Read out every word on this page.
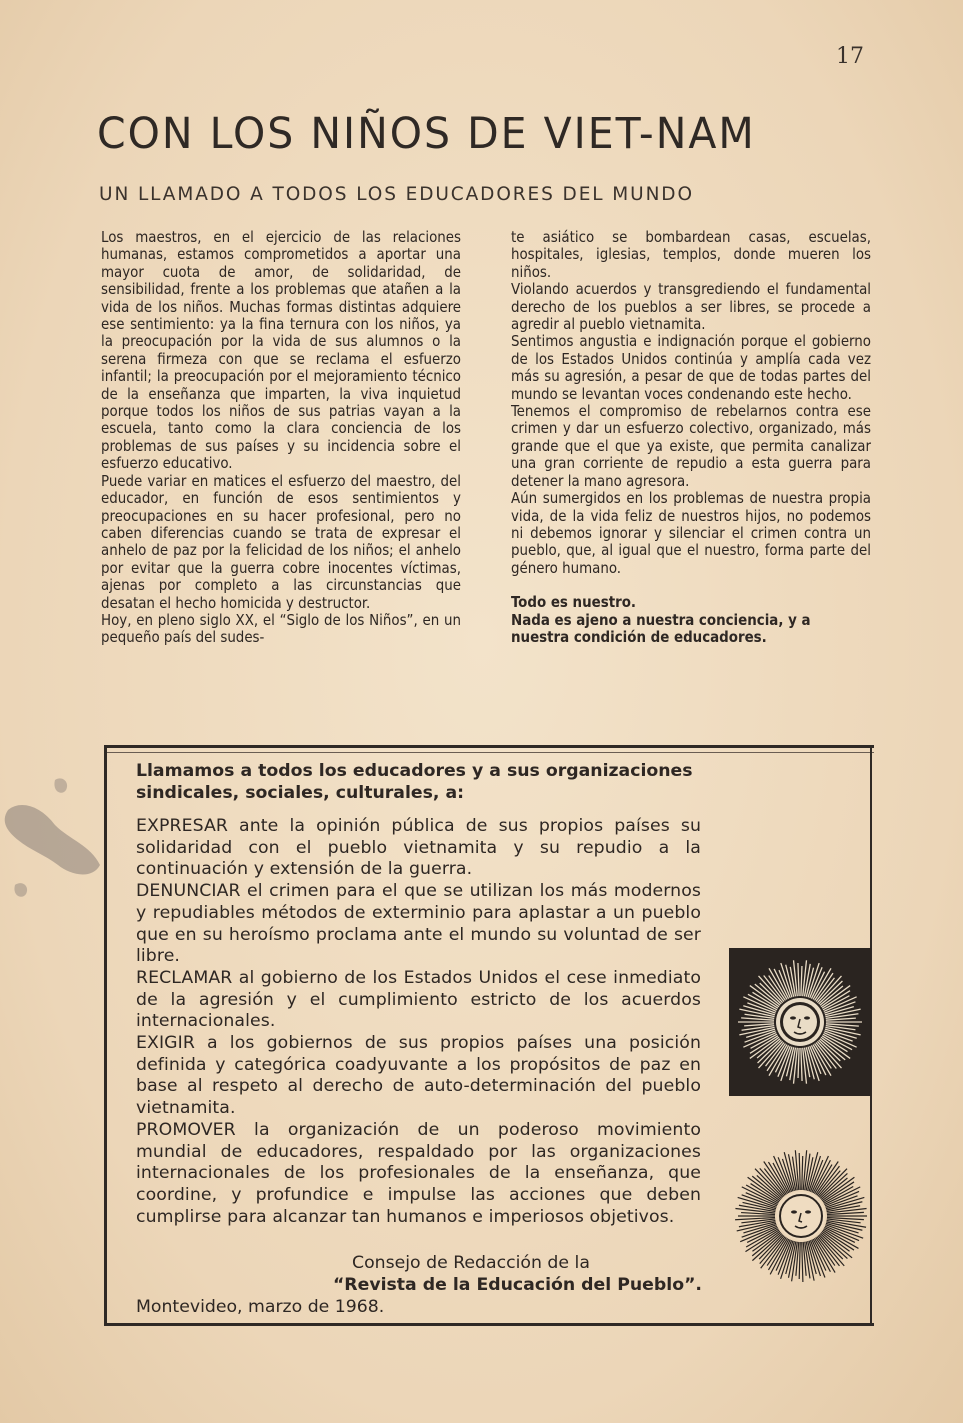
17
CON LOS NIÑOS DE VIET-NAM
UN LLAMADO A TODOS LOS EDUCADORES DEL MUNDO

Los maestros, en el ejercicio de las relaciones humanas, estamos comprometidos a aportar una mayor cuota de amor, de solidaridad, de sensibilidad, frente a los problemas que atañen a la vida de los niños. Muchas formas distintas adquiere ese sentimiento: ya la fina ternura con los niños, ya la preocupación por la vida de sus alumnos o la serena firmeza con que se reclama el esfuerzo infantil; la preocupación por el mejoramiento técnico de la enseñanza que imparten, la viva inquietud porque todos los niños de sus patrias vayan a la escuela, tanto como la clara conciencia de los problemas de sus países y su incidencia sobre el esfuerzo educativo.

Puede variar en matices el esfuerzo del maestro, del educador, en función de esos sentimientos y preocupaciones en su hacer profesional, pero no caben diferencias cuando se trata de expresar el anhelo de paz por la felicidad de los niños; el anhelo por evitar que la guerra cobre inocentes víctimas, ajenas por completo a las circunstancias que desatan el hecho homicida y destructor.

Hoy, en pleno siglo XX, el “Siglo de los Niños”, en un pequeño país del sudes-

te asiático se bombardean casas, escuelas, hospitales, iglesias, templos, donde mueren los niños.

Violando acuerdos y transgrediendo el fundamental derecho de los pueblos a ser libres, se procede a agredir al pueblo vietnamita.

Sentimos angustia e indignación porque el gobierno de los Estados Unidos continúa y amplía cada vez más su agresión, a pesar de que de todas partes del mundo se levantan voces condenando este hecho.

Tenemos el compromiso de rebelarnos contra ese crimen y dar un esfuerzo colectivo, organizado, más grande que el que ya existe, que permita canalizar una gran corriente de repudio a esta guerra para detener la mano agresora.

Aún sumergidos en los problemas de nuestra propia vida, de la vida feliz de nuestros hijos, no podemos ni debemos ignorar y silenciar el crimen contra un pueblo, que, al igual que el nuestro, forma parte del género humano.

Todo es nuestro.

Nada es ajeno a nuestra conciencia, y a nuestra condición de educadores.

Llamamos a todos los educadores y a sus organizaciones sindicales, sociales, culturales, a:

EXPRESAR ante la opinión pública de sus propios países su solidaridad con el pueblo vietnamita y su repudio a la continuación y extensión de la guerra.

DENUNCIAR el crimen para el que se utilizan los más modernos y repudiables métodos de exterminio para aplastar a un pueblo que en su heroísmo proclama ante el mundo su voluntad de ser libre.

RECLAMAR al gobierno de los Estados Unidos el cese inmediato de la agresión y el cumplimiento estricto de los acuerdos internacionales.

EXIGIR a los gobiernos de sus propios países una posición definida y categórica coadyuvante a los propósitos de paz en base al respeto al derecho de auto-determinación del pueblo vietnamita.

PROMOVER la organización de un poderoso movimiento mundial de educadores, respaldado por las organizaciones internacionales de los profesionales de la enseñanza, que coordine, y profundice e impulse las acciones que deben cumplirse para alcanzar tan humanos e imperiosos objetivos.

Consejo de Redacción de la
“Revista de la Educación del Pueblo”.
Montevideo, marzo de 1968.
